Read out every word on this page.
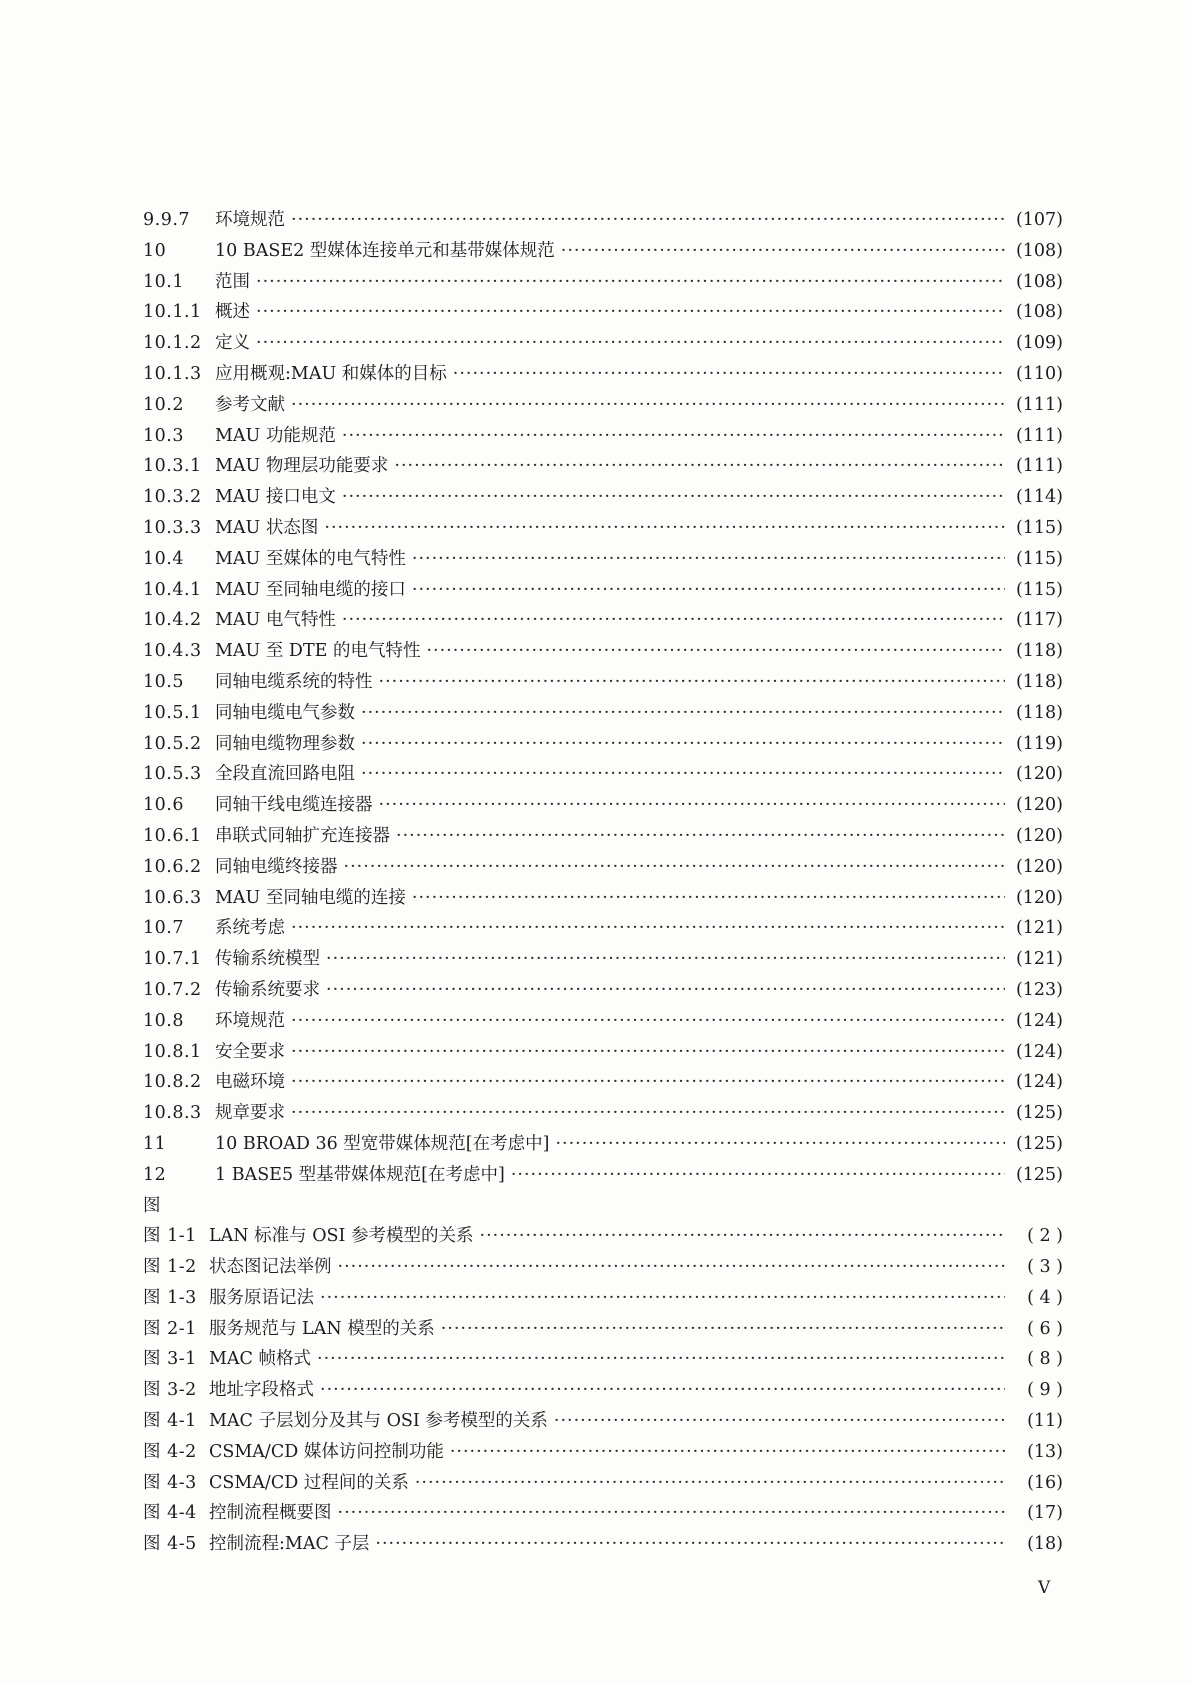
9.9.7	环境规范 ·····	(107)
10	10 BASE2 型媒体连接单元和基带媒体规范 ·····	(108)
10.1	范围 ·····	(108)
10.1.1 概述 ·····	(108)
10.1.2 定义 ·····	(109)
10.1.3 应用概观:MAU 和媒体的目标 ·····	(110)
10.2	参考文献 ·····	(111)
10.3	MAU 功能规范 ·····	(111)
10.3.1 MAU 物理层功能要求 ·····	(111)
10.3.2 MAU 接口电文 ·····	(114)
10.3.3 MAU 状态图 ·····	(115)
10.4	MAU 至媒体的电气特性 ·····	(115)
10.4.1 MAU 至同轴电缆的接口 ·····	(115)
10.4.2 MAU 电气特性 ·····	(117)
10.4.3 MAU 至 DTE 的电气特性 ·····	(118)
10.5	同轴电缆系统的特性 ·····	(118)
10.5.1 同轴电缆电气参数 ·····	(118)
10.5.2 同轴电缆物理参数 ·····	(119)
10.5.3 全段直流回路电阻 ·····	(120)
10.6	同轴干线电缆连接器 ·····	(120)
10.6.1 串联式同轴扩充连接器 ·····	(120)
10.6.2 同轴电缆终接器 ·····	(120)
10.6.3 MAU 至同轴电缆的连接 ·····	(120)
10.7	系统考虑 ·····	(121)
10.7.1 传输系统模型 ·····	(121)
10.7.2 传输系统要求 ·····	(123)
10.8	环境规范 ·····	(124)
10.8.1 安全要求 ·····	(124)
10.8.2 电磁环境 ·····	(124)
10.8.3 规章要求 ·····	(125)
11	10 BROAD 36 型宽带媒体规范[在考虑中] ·····	(125)
12	1 BASE5 型基带媒体规范[在考虑中] ·····	(125)
图
图 1-1 LAN 标准与 OSI 参考模型的关系 ·····	( 2 )
图 1-2 状态图记法举例 ·····	( 3 )
图 1-3 服务原语记法 ·····	( 4 )
图 2-1 服务规范与 LAN 模型的关系 ·····	( 6 )
图 3-1 MAC 帧格式 ·····	( 8 )
图 3-2 地址字段格式 ·····	( 9 )
图 4-1 MAC 子层划分及其与 OSI 参考模型的关系 ·····	(11)
图 4-2 CSMA/CD 媒体访问控制功能 ·····	(13)
图 4-3 CSMA/CD 过程间的关系 ·····	(16)
图 4-4 控制流程概要图 ·····	(17)
图 4-5 控制流程:MAC 子层 ·····	(18)
V
